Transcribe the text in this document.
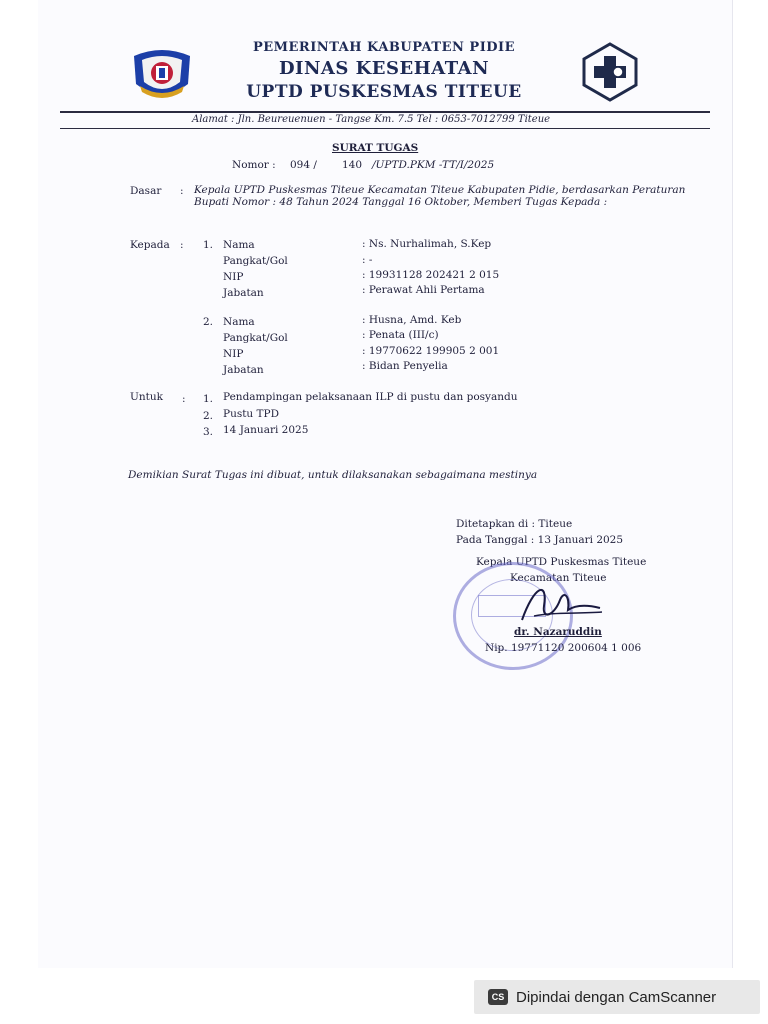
PEMERINTAH KABUPATEN PIDIE
DINAS KESEHATAN
UPTD PUSKESMAS TITEUE
Alamat : Jln. Beureuenuen - Tangse Km. 7.5 Tel : 0653-7012799 Titeue
SURAT TUGAS
Nomor : 094 / 140 /UPTD.PKM -TT/I/2025
Dasar : Kepala UPTD Puskesmas Titeue Kecamatan Titeue Kabupaten Pidie, berdasarkan Peraturan
Bupati Nomor : 48 Tahun 2024 Tanggal 16 Oktober, Memberi Tugas Kepada :
Kepada : 1. Nama	: Ns. Nurhalimah, S.Kep
Pangkat/Gol	: -
NIP	: 19931128 202421 2 015
Jabatan	: Perawat Ahli Pertama
2. Nama	: Husna, Amd. Keb
Pangkat/Gol	: Penata (III/c)
NIP	: 19770622 199905 2 001
Jabatan	: Bidan Penyelia
Untuk : 1. Pendampingan pelaksanaan ILP di pustu dan posyandu
2. Pustu TPD
3. 14 Januari 2025
Demikian Surat Tugas ini dibuat, untuk dilaksanakan sebagaimana mestinya
Ditetapkan di : Titeue
Pada Tanggal : 13 Januari 2025
Kepala UPTD Puskesmas Titeue
Kecamatan Titeue
dr. Nazaruddin
Nip. 19771120 200604 1 006
CS Dipindai dengan CamScanner
